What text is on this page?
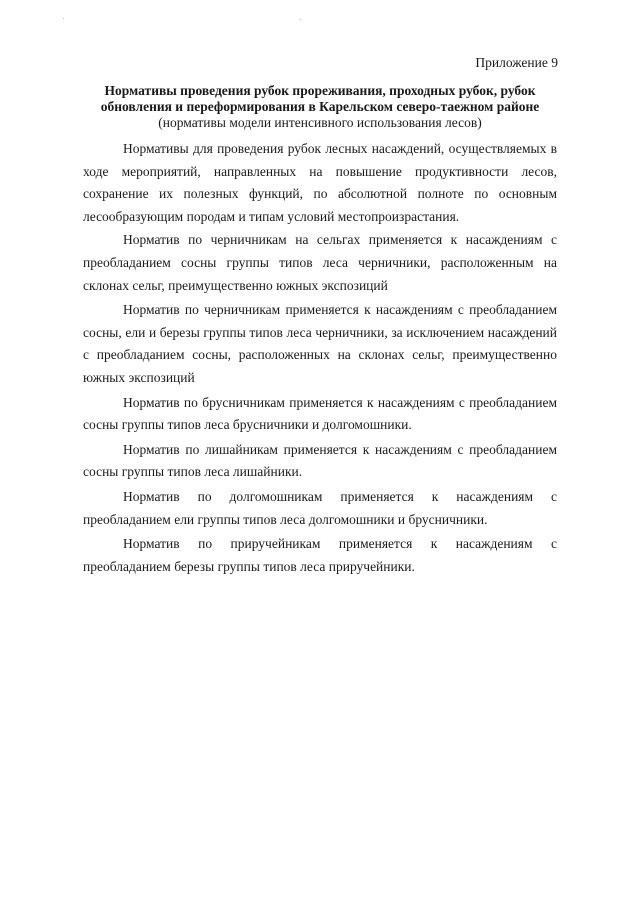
Приложение 9
Нормативы проведения рубок прореживания, проходных рубок, рубок
обновления и переформирования в Карельском северо-таежном районе
(нормативы модели интенсивного использования лесов)

Нормативы для проведения рубок лесных насаждений, осуществляемых в ходе мероприятий, направленных на повышение продуктивности лесов, сохранение их полезных функций, по абсолютной полноте по основным лесообразующим породам и типам условий местопроизрастания.

Норматив по черничникам на сельгах применяется к насаждениям с преобладанием сосны группы типов леса черничники, расположенным на склонах сельг, преимущественно южных экспозиций

Норматив по черничникам применяется к насаждениям с преобладанием сосны, ели и березы группы типов леса черничники, за исключением насаждений с преобладанием сосны, расположенных на склонах сельг, преимущественно южных экспозиций

Норматив по брусничникам применяется к насаждениям с преобладанием сосны группы типов леса брусничники и долгомошники.

Норматив по лишайникам применяется к насаждениям с преобладанием сосны группы типов леса лишайники.

Норматив по долгомошникам применяется к насаждениям с преобладанием ели группы типов леса долгомошники и брусничники.

Норматив по приручейникам применяется к насаждениям с преобладанием березы группы типов леса приручейники.
